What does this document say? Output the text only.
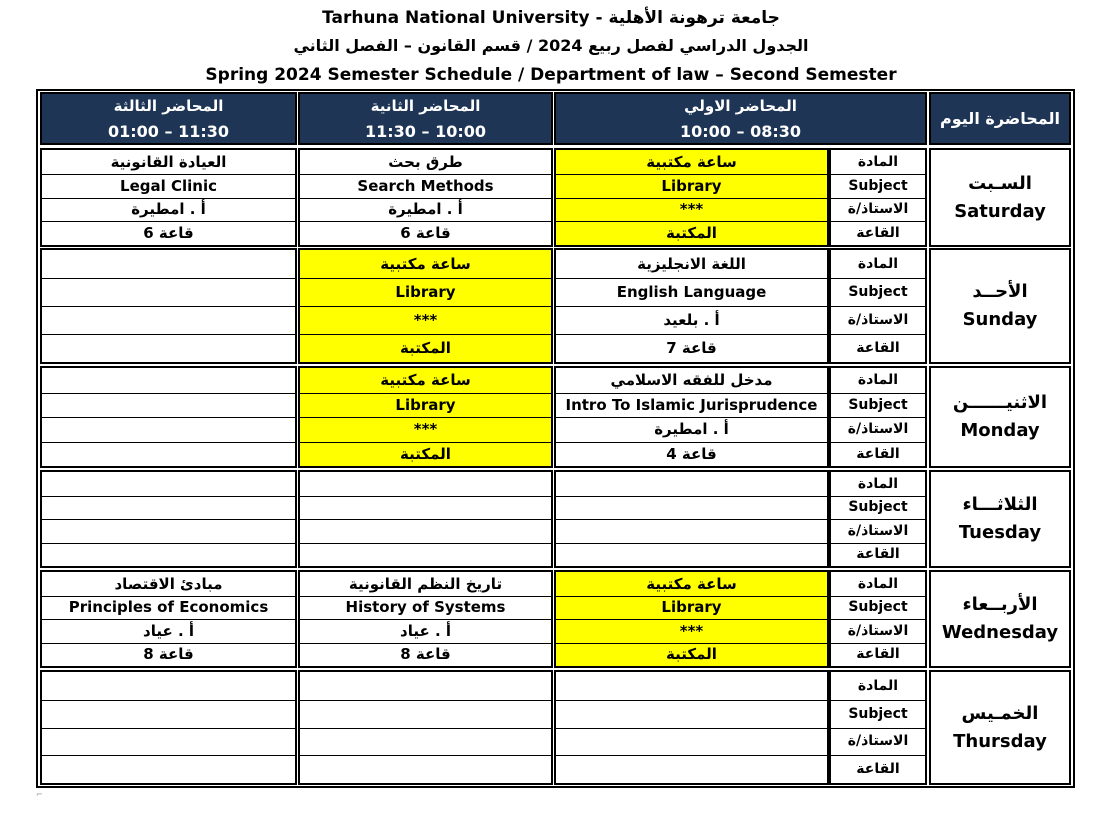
Tarhuna National University - جامعة ترهونة الأهلية
الجدول الدراسي لفصل ربيع 2024 / قسم القانون – الفصل الثاني
Spring 2024 Semester Schedule / Department of law – Second Semester
المحاضر الثالثة
01:00 – 11:30
المحاضر الثانية
11:30 – 10:00
المحاضر الاولي
10:00 – 08:30
المحاضرة اليوم
المادة
Subject
الاستاذ/ة
القاعة
السـبت
Saturday
ساعة مكتبية
Library
***
المكتبة
طرق بحث
Search Methods
أ . امطيرة
قاعة 6
العيادة القانونية
Legal Clinic
أ . امطيرة
قاعة 6
المادة
Subject
الاستاذ/ة
القاعة
الأحــد
Sunday
اللغة الانجليزية
English Language
أ . بلعيد
قاعة 7
ساعة مكتبية
Library
***
المكتبة
المادة
Subject
الاستاذ/ة
القاعة
الاثنيــــــن
Monday
مدخل للفقه الاسلامي
Intro To Islamic Jurisprudence
أ . امطيرة
قاعة 4
ساعة مكتبية
Library
***
المكتبة
المادة
Subject
الاستاذ/ة
القاعة
الثلاثـــاء
Tuesday
المادة
Subject
الاستاذ/ة
القاعة
الأربــعاء
Wednesday
ساعة مكتبية
Library
***
المكتبة
تاريخ النظم القانونية
History of Systems
أ . عياد
قاعة 8
مبادئ الاقتصاد
Principles of Economics
أ . عياد
قاعة 8
المادة
Subject
الاستاذ/ة
القاعة
الخمـيس
Thursday
⌐
